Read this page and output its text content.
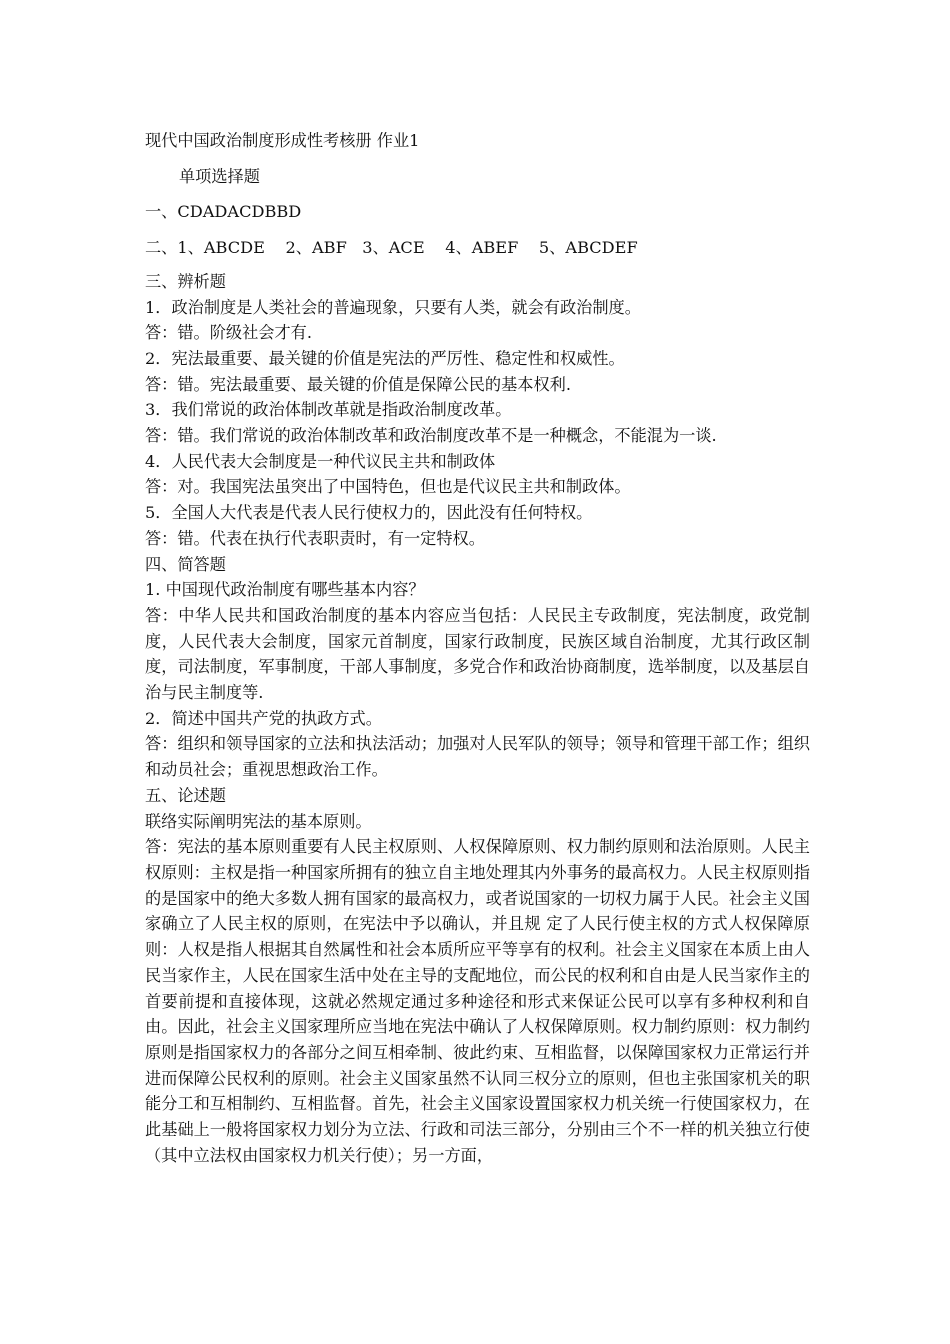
现代中国政治制度形成性考核册 作业1
单项选择题
一、CDADACDBBD
二、1、ABCDE    2、ABF   3、ACE    4、ABEF    5、ABCDEF
三、辨析题
1．政治制度是人类社会的普遍现象，只要有人类，就会有政治制度。
答：错。阶级社会才有.
2．宪法最重要、最关键的价值是宪法的严厉性、稳定性和权威性。
答：错。宪法最重要、最关键的价值是保障公民的基本权利.
3．我们常说的政治体制改革就是指政治制度改革。
答：错。我们常说的政治体制改革和政治制度改革不是一种概念，不能混为一谈.
4．人民代表大会制度是一种代议民主共和制政体
答：对。我国宪法虽突出了中国特色，但也是代议民主共和制政体。
5．全国人大代表是代表人民行使权力的，因此没有任何特权。
答：错。代表在执行代表职责时，有一定特权。
四、简答题
1. 中国现代政治制度有哪些基本内容？
答：中华人民共和国政治制度的基本内容应当包括：人民民主专政制度，宪法制度，政党制度，人民代表大会制度，国家元首制度，国家行政制度，民族区域自治制度，尤其行政区制度，司法制度，军事制度，干部人事制度，多党合作和政治协商制度，选举制度，以及基层自治与民主制度等.
2．简述中国共产党的执政方式。
答：组织和领导国家的立法和执法活动；加强对人民军队的领导；领导和管理干部工作；组织和动员社会；重视思想政治工作。
五、论述题
联络实际阐明宪法的基本原则。
答：宪法的基本原则重要有人民主权原则、人权保障原则、权力制约原则和法治原则。人民主权原则：主权是指一种国家所拥有的独立自主地处理其内外事务的最高权力。人民主权原则指的是国家中的绝大多数人拥有国家的最高权力，或者说国家的一切权力属于人民。社会主义国家确立了人民主权的原则，在宪法中予以确认，并且规 定了人民行使主权的方式人权保障原则：人权是指人根据其自然属性和社会本质所应平等享有的权利。社会主义国家在本质上由人民当家作主，人民在国家生活中处在主导的支配地位，而公民的权利和自由是人民当家作主的首要前提和直接体现，这就必然规定通过多种途径和形式来保证公民可以享有多种权利和自由。因此，社会主义国家理所应当地在宪法中确认了人权保障原则。权力制约原则：权力制约原则是指国家权力的各部分之间互相牵制、彼此约束、互相监督，以保障国家权力正常运行并进而保障公民权利的原则。社会主义国家虽然不认同三权分立的原则，但也主张国家机关的职能分工和互相制约、互相监督。首先，社会主义国家设置国家权力机关统一行使国家权力，在此基础上一般将国家权力划分为立法、行政和司法三部分，分别由三个不一样的机关独立行使（其中立法权由国家权力机关行使）；另一方面，
